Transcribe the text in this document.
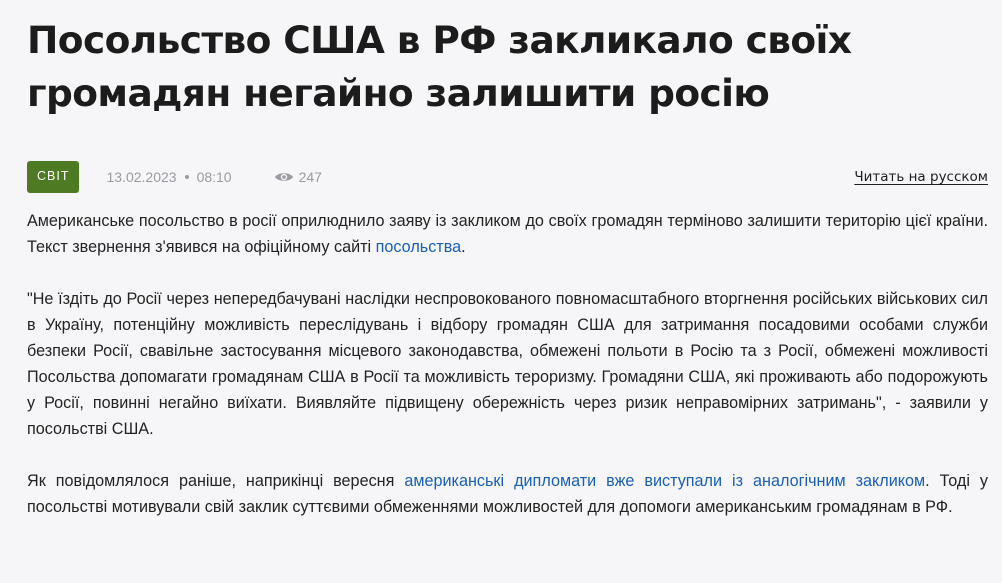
Посольство США в РФ закликало своїх громадян негайно залишити росію
СВІТ	13.02.2023 08:10	247	Читать на русском

Американське посольство в росії оприлюднило заяву із закликом до своїх громадян терміново залишити територію цієї країни. Текст звернення з'явився на офіційному сайті посольства.

"Не їздіть до Росії через непередбачувані наслідки неспровокованого повномасштабного вторгнення російських військових сил в Україну, потенційну можливість переслідувань і відбору громадян США для затримання посадовими особами служби безпеки Росії, свавільне застосування місцевого законодавства, обмежені польоти в Росію та з Росії, обмежені можливості Посольства допомагати громадянам США в Росії та можливість тероризму. Громадяни США, які проживають або подорожують у Росії, повинні негайно виїхати. Виявляйте підвищену обережність через ризик неправомірних затримань", - заявили у посольстві США.

Як повідомлялося раніше, наприкінці вересня американські дипломати вже виступали із аналогічним закликом. Тоді у посольстві мотивували свій заклик суттєвими обмеженнями можливостей для допомоги американським громадянам в РФ.
